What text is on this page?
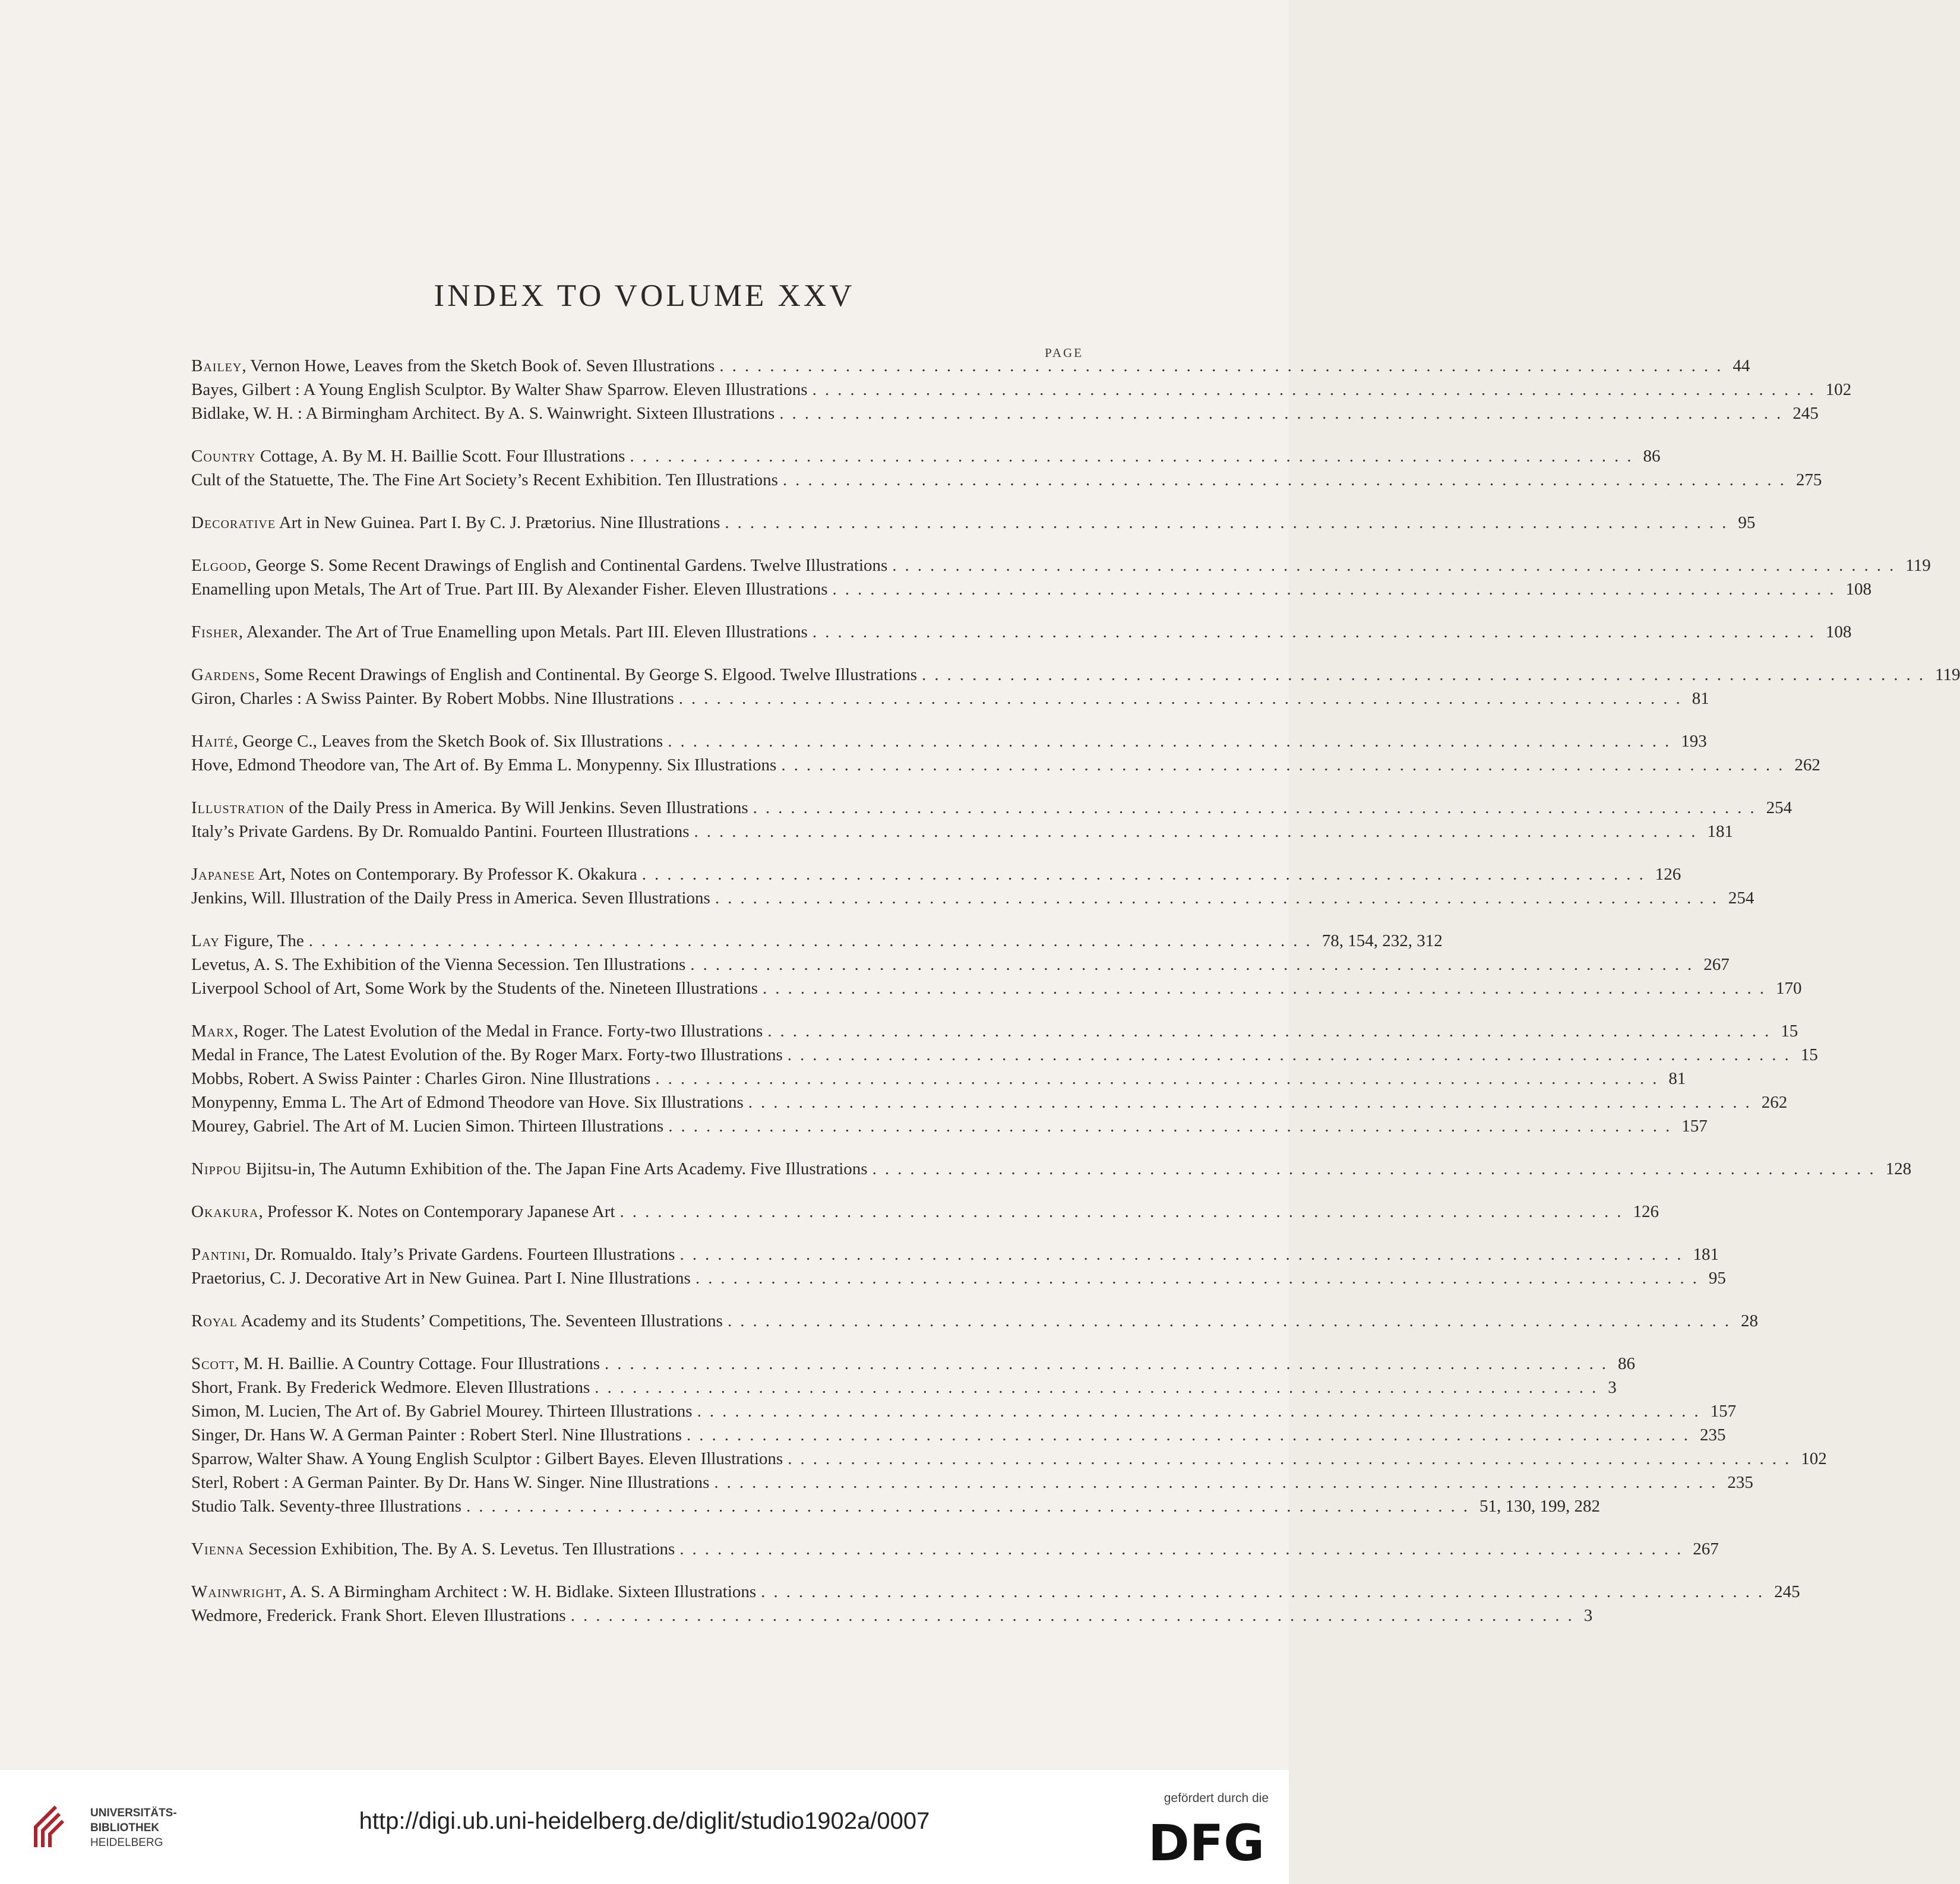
INDEX TO VOLUME XXV
PAGE
Bailey, Vernon Howe, Leaves from the Sketch Book of. Seven Illustrations ................................................................................ 44
Bayes, Gilbert : A Young English Sculptor. By Walter Shaw Sparrow. Eleven Illustrations ................................................................................ 102
Bidlake, W. H. : A Birmingham Architect. By A. S. Wainwright. Sixteen Illustrations ................................................................................ 245
Country Cottage, A. By M. H. Baillie Scott. Four Illustrations ................................................................................ 86
Cult of the Statuette, The. The Fine Art Society’s Recent Exhibition. Ten Illustrations ................................................................................ 275
Decorative Art in New Guinea. Part I. By C. J. Prætorius. Nine Illustrations ................................................................................ 95
Elgood, George S. Some Recent Drawings of English and Continental Gardens. Twelve Illustrations ................................................................................ 119
Enamelling upon Metals, The Art of True. Part III. By Alexander Fisher. Eleven Illustrations ................................................................................ 108
Fisher, Alexander. The Art of True Enamelling upon Metals. Part III. Eleven Illustrations ................................................................................ 108
Gardens, Some Recent Drawings of English and Continental. By George S. Elgood. Twelve Illustrations ................................................................................ 119
Giron, Charles : A Swiss Painter. By Robert Mobbs. Nine Illustrations ................................................................................ 81
Haité, George C., Leaves from the Sketch Book of. Six Illustrations ................................................................................ 193
Hove, Edmond Theodore van, The Art of. By Emma L. Monypenny. Six Illustrations ................................................................................ 262
Illustration of the Daily Press in America. By Will Jenkins. Seven Illustrations ................................................................................ 254
Italy’s Private Gardens. By Dr. Romualdo Pantini. Fourteen Illustrations ................................................................................ 181
Japanese Art, Notes on Contemporary. By Professor K. Okakura ................................................................................ 126
Jenkins, Will. Illustration of the Daily Press in America. Seven Illustrations ................................................................................ 254
Lay Figure, The ................................................................................ 78, 154, 232, 312
Levetus, A. S. The Exhibition of the Vienna Secession. Ten Illustrations ................................................................................ 267
Liverpool School of Art, Some Work by the Students of the. Nineteen Illustrations ................................................................................ 170
Marx, Roger. The Latest Evolution of the Medal in France. Forty-two Illustrations ................................................................................ 15
Medal in France, The Latest Evolution of the. By Roger Marx. Forty-two Illustrations ................................................................................ 15
Mobbs, Robert. A Swiss Painter : Charles Giron. Nine Illustrations ................................................................................ 81
Monypenny, Emma L. The Art of Edmond Theodore van Hove. Six Illustrations ................................................................................ 262
Mourey, Gabriel. The Art of M. Lucien Simon. Thirteen Illustrations ................................................................................ 157
Nippou Bijitsu-in, The Autumn Exhibition of the. The Japan Fine Arts Academy. Five Illustrations ................................................................................ 128
Okakura, Professor K. Notes on Contemporary Japanese Art ................................................................................ 126
Pantini, Dr. Romualdo. Italy’s Private Gardens. Fourteen Illustrations ................................................................................ 181
Praetorius, C. J. Decorative Art in New Guinea. Part I. Nine Illustrations ................................................................................ 95
Royal Academy and its Students’ Competitions, The. Seventeen Illustrations ................................................................................ 28
Scott, M. H. Baillie. A Country Cottage. Four Illustrations ................................................................................ 86
Short, Frank. By Frederick Wedmore. Eleven Illustrations ................................................................................ 3
Simon, M. Lucien, The Art of. By Gabriel Mourey. Thirteen Illustrations ................................................................................ 157
Singer, Dr. Hans W. A German Painter : Robert Sterl. Nine Illustrations ................................................................................ 235
Sparrow, Walter Shaw. A Young English Sculptor : Gilbert Bayes. Eleven Illustrations ................................................................................ 102
Sterl, Robert : A German Painter. By Dr. Hans W. Singer. Nine Illustrations ................................................................................ 235
Studio Talk. Seventy-three Illustrations ................................................................................ 51, 130, 199, 282
Vienna Secession Exhibition, The. By A. S. Levetus. Ten Illustrations ................................................................................ 267
Wainwright, A. S. A Birmingham Architect : W. H. Bidlake. Sixteen Illustrations ................................................................................ 245
Wedmore, Frederick. Frank Short. Eleven Illustrations ................................................................................ 3
UNIVERSITÄTS-
BIBLIOTHEK
HEIDELBERG
http://digi.ub.uni-heidelberg.de/diglit/studio1902a/0007
gefördert durch die
DFG
